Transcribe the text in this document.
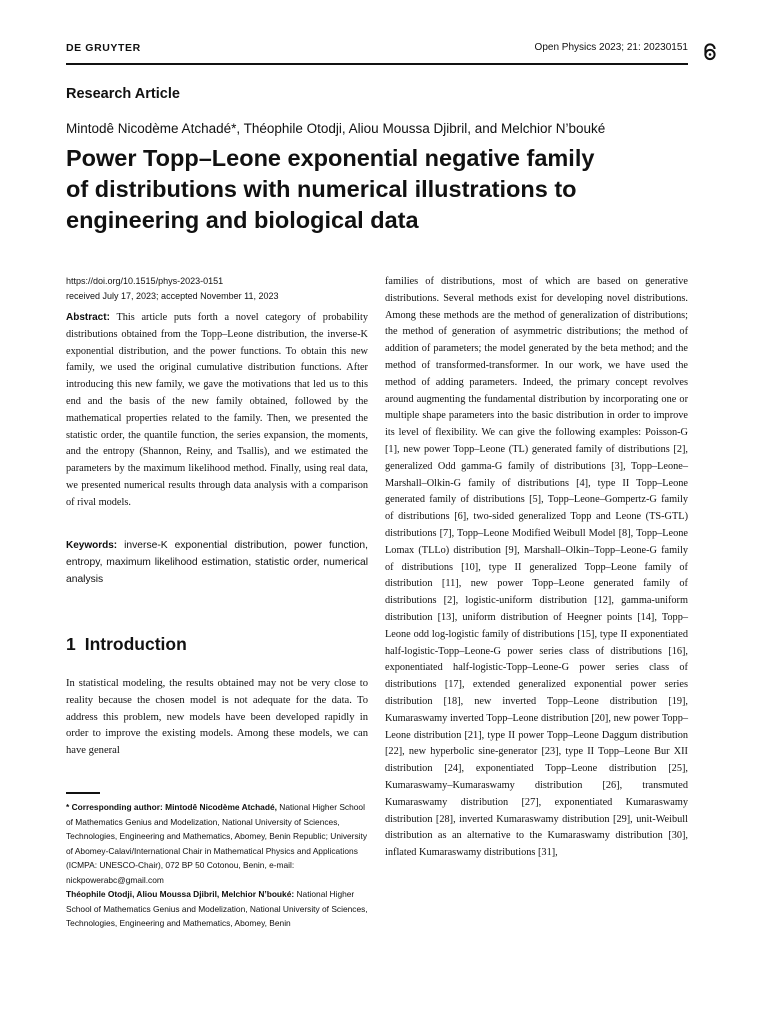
DE GRUYTER	Open Physics 2023; 21: 20230151
Research Article
Mintodê Nicodème Atchadé*, Théophile Otodji, Aliou Moussa Djibril, and Melchior N’bouké
Power Topp–Leone exponential negative family
of distributions with numerical illustrations to
engineering and biological data
https://doi.org/10.1515/phys-2023-0151
received July 17, 2023; accepted November 11, 2023
Abstract: This article puts forth a novel category of probability distributions obtained from the Topp–Leone distribution, the inverse-K exponential distribution, and the power functions. To obtain this new family, we used the original cumulative distribution functions. After introducing this new family, we gave the motivations that led us to this end and the basis of the new family obtained, followed by the mathematical properties related to the family. Then, we presented the statistic order, the quantile function, the series expansion, the moments, and the entropy (Shannon, Reiny, and Tsallis), and we estimated the parameters by the maximum likelihood method. Finally, using real data, we presented numerical results through data analysis with a comparison of rival models.
Keywords: inverse-K exponential distribution, power function, entropy, maximum likelihood estimation, statistic order, numerical analysis
1 Introduction
In statistical modeling, the results obtained may not be very close to reality because the chosen model is not adequate for the data. To address this problem, new models have been developed rapidly in order to improve the existing models. Among these models, we can have general
* Corresponding author: Mintodê Nicodème Atchadé, National Higher School of Mathematics Genius and Modelization, National University of Sciences, Technologies, Engineering and Mathematics, Abomey, Benin Republic; University of Abomey-Calavi/International Chair in Mathematical Physics and Applications (ICMPA: UNESCO-Chair), 072 BP 50 Cotonou, Benin, e-mail: nickpowerabc@gmail.com
Théophile Otodji, Aliou Moussa Djibril, Melchior N’bouké: National Higher School of Mathematics Genius and Modelization, National University of Sciences, Technologies, Engineering and Mathematics, Abomey, Benin
families of distributions, most of which are based on generative distributions. Several methods exist for developing novel distributions. Among these methods are the method of generalization of distributions; the method of generation of asymmetric distributions; the method of addition of parameters; the model generated by the beta method; and the method of transformed-transformer. In our work, we have used the method of adding parameters. Indeed, the primary concept revolves around augmenting the fundamental distribution by incorporating one or multiple shape parameters into the basic distribution in order to improve its level of flexibility. We can give the following examples: Poisson-G [1], new power Topp–Leone (TL) generated family of distributions [2], generalized Odd gamma-G family of distributions [3], Topp–Leone–Marshall–Olkin-G family of distributions [4], type II Topp–Leone generated family of distributions [5], Topp–Leone–Gompertz-G family of distributions [6], two-sided generalized Topp and Leone (TS-GTL) distributions [7], Topp–Leone Modified Weibull Model [8], Topp–Leone Lomax (TLLo) distribution [9], Marshall–Olkin–Topp–Leone-G family of distributions [10], type II generalized Topp–Leone family of distribution [11], new power Topp–Leone generated family of distributions [2], logistic-uniform distribution [12], gamma-uniform distribution [13], uniform distribution of Heegner points [14], Topp–Leone odd log-logistic family of distributions [15], type II exponentiated half-logistic-Topp–Leone-G power series class of distributions [16], exponentiated half-logistic-Topp–Leone-G power series class of distributions [17], extended generalized exponential power series distribution [18], new inverted Topp–Leone distribution [19], Kumaraswamy inverted Topp–Leone distribution [20], new power Topp–Leone distribution [21], type II power Topp–Leone Daggum distribution [22], new hyperbolic sine-generator [23], type II Topp–Leone Bur XII distribution [24], exponentiated Topp–Leone distribution [25], Kumaraswamy–Kumaraswamy distribution [26], transmuted Kumaraswamy distribution [27], exponentiated Kumaraswamy distribution [28], inverted Kumaraswamy distribution [29], unit-Weibull distribution as an alternative to the Kumaraswamy distribution [30], inflated Kumaraswamy distributions [31],
